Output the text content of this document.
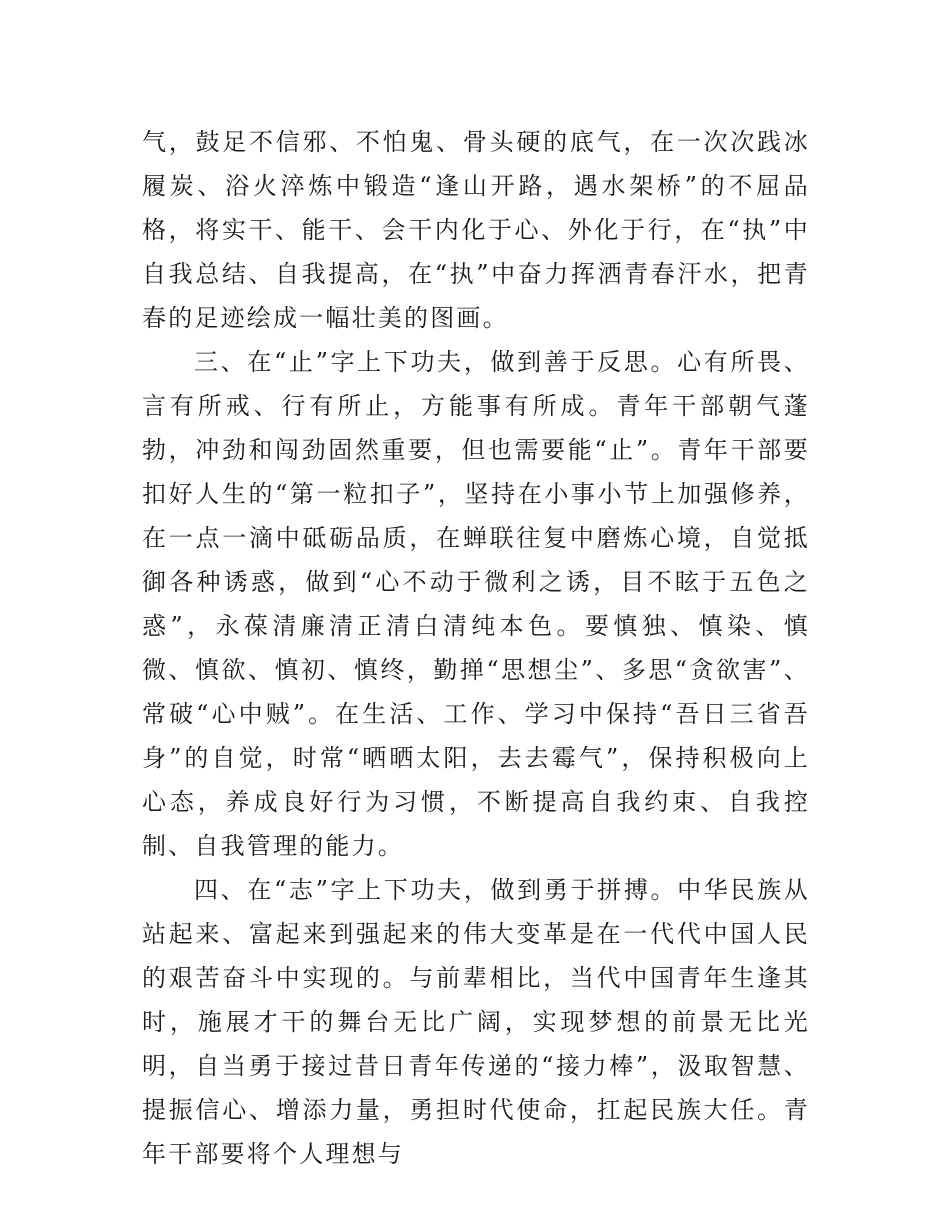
气，鼓足不信邪、不怕鬼、骨头硬的底气，在一次次践冰履炭、浴火淬炼中锻造“逢山开路，遇水架桥”的不屈品格，将实干、能干、会干内化于心、外化于行，在“执”中自我总结、自我提高，在“执”中奋力挥洒青春汗水，把青春的足迹绘成一幅壮美的图画。

三、在“止”字上下功夫，做到善于反思。心有所畏、言有所戒、行有所止，方能事有所成。青年干部朝气蓬勃，冲劲和闯劲固然重要，但也需要能“止”。青年干部要扣好人生的“第一粒扣子”，坚持在小事小节上加强修养，在一点一滴中砥砺品质，在蝉联往复中磨炼心境，自觉抵御各种诱惑，做到“心不动于微利之诱，目不眩于五色之惑”，永葆清廉清正清白清纯本色。要慎独、慎染、慎微、慎欲、慎初、慎终，勤掸“思想尘”、多思“贪欲害”、常破“心中贼”。在生活、工作、学习中保持“吾日三省吾身”的自觉，时常“晒晒太阳，去去霉气”，保持积极向上心态，养成良好行为习惯，不断提高自我约束、自我控制、自我管理的能力。

四、在“志”字上下功夫，做到勇于拼搏。中华民族从站起来、富起来到强起来的伟大变革是在一代代中国人民的艰苦奋斗中实现的。与前辈相比，当代中国青年生逢其时，施展才干的舞台无比广阔，实现梦想的前景无比光明，自当勇于接过昔日青年传递的“接力棒”，汲取智慧、提振信心、增添力量，勇担时代使命，扛起民族大任。青年干部要将个人理想与
